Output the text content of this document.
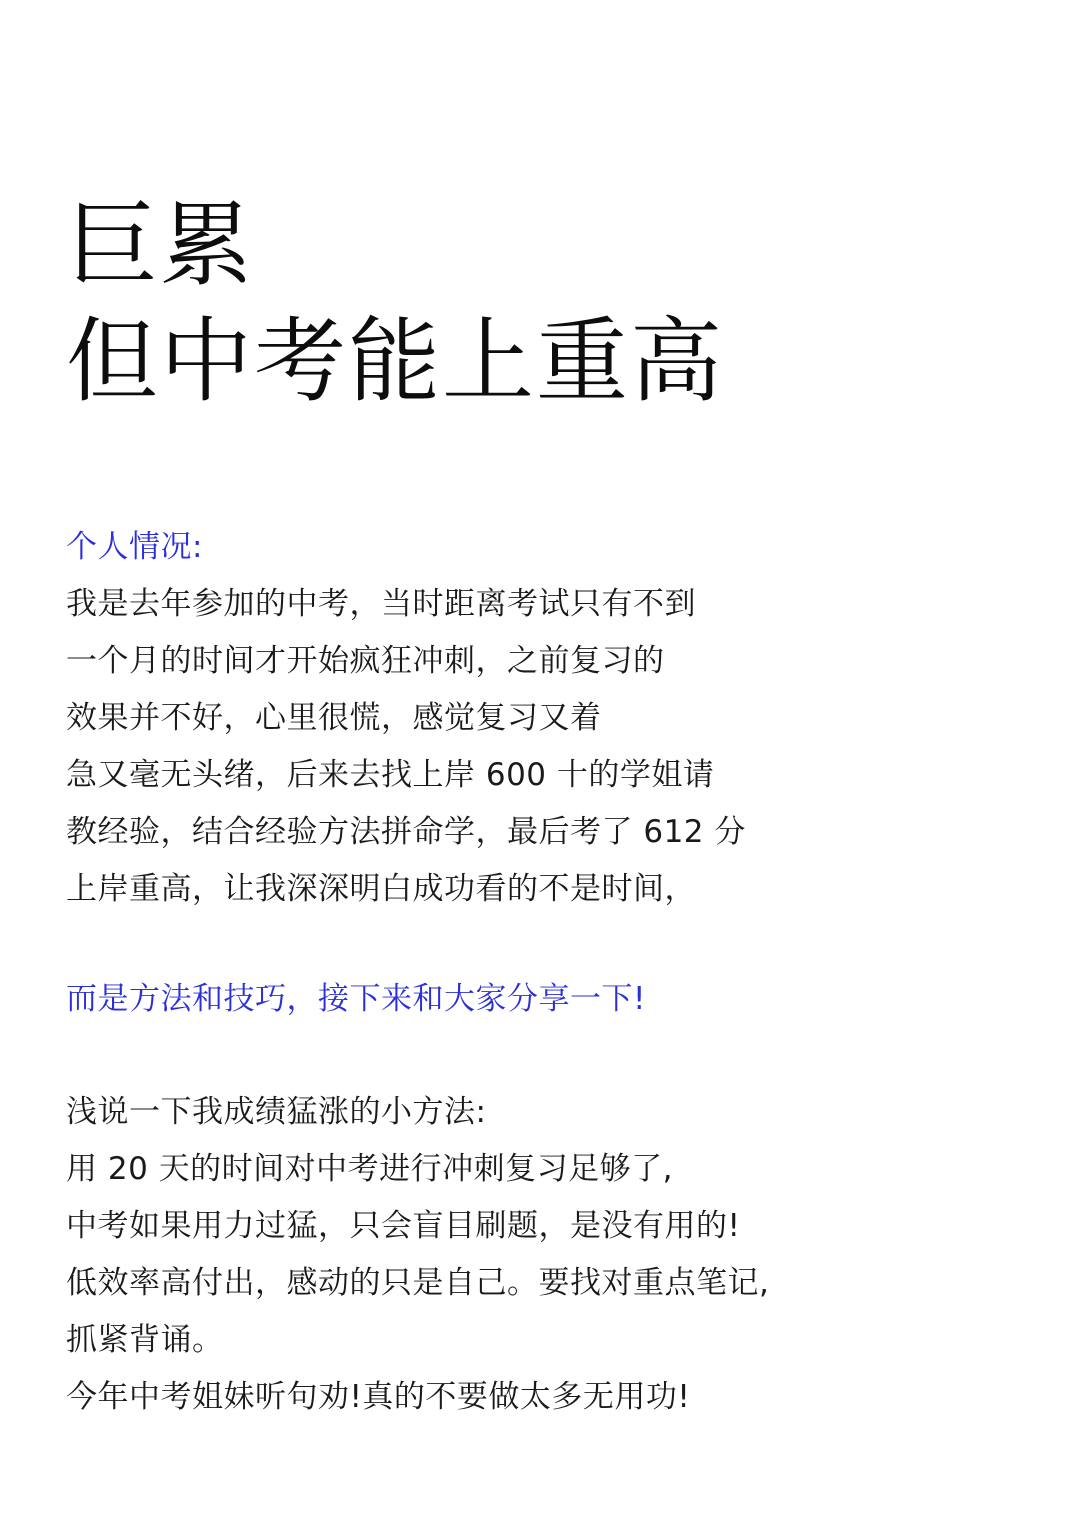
巨累
但中考能上重高
个人情况:
我是去年参加的中考，当时距离考试只有不到
一个月的时间才开始疯狂冲刺，之前复习的
效果并不好，心里很慌，感觉复习又着
急又毫无头绪，后来去找上岸 600 十的学姐请
教经验，结合经验方法拼命学，最后考了 612 分
上岸重高，让我深深明白成功看的不是时间，
而是方法和技巧，接下来和大家分享一下!
浅说一下我成绩猛涨的小方法:
用 20 天的时间对中考进行冲刺复习足够了,
中考如果用力过猛，只会盲目刷题，是没有用的!
低效率高付出，感动的只是自己。要找对重点笔记,
抓紧背诵。
今年中考姐妹听句劝!真的不要做太多无用功!
